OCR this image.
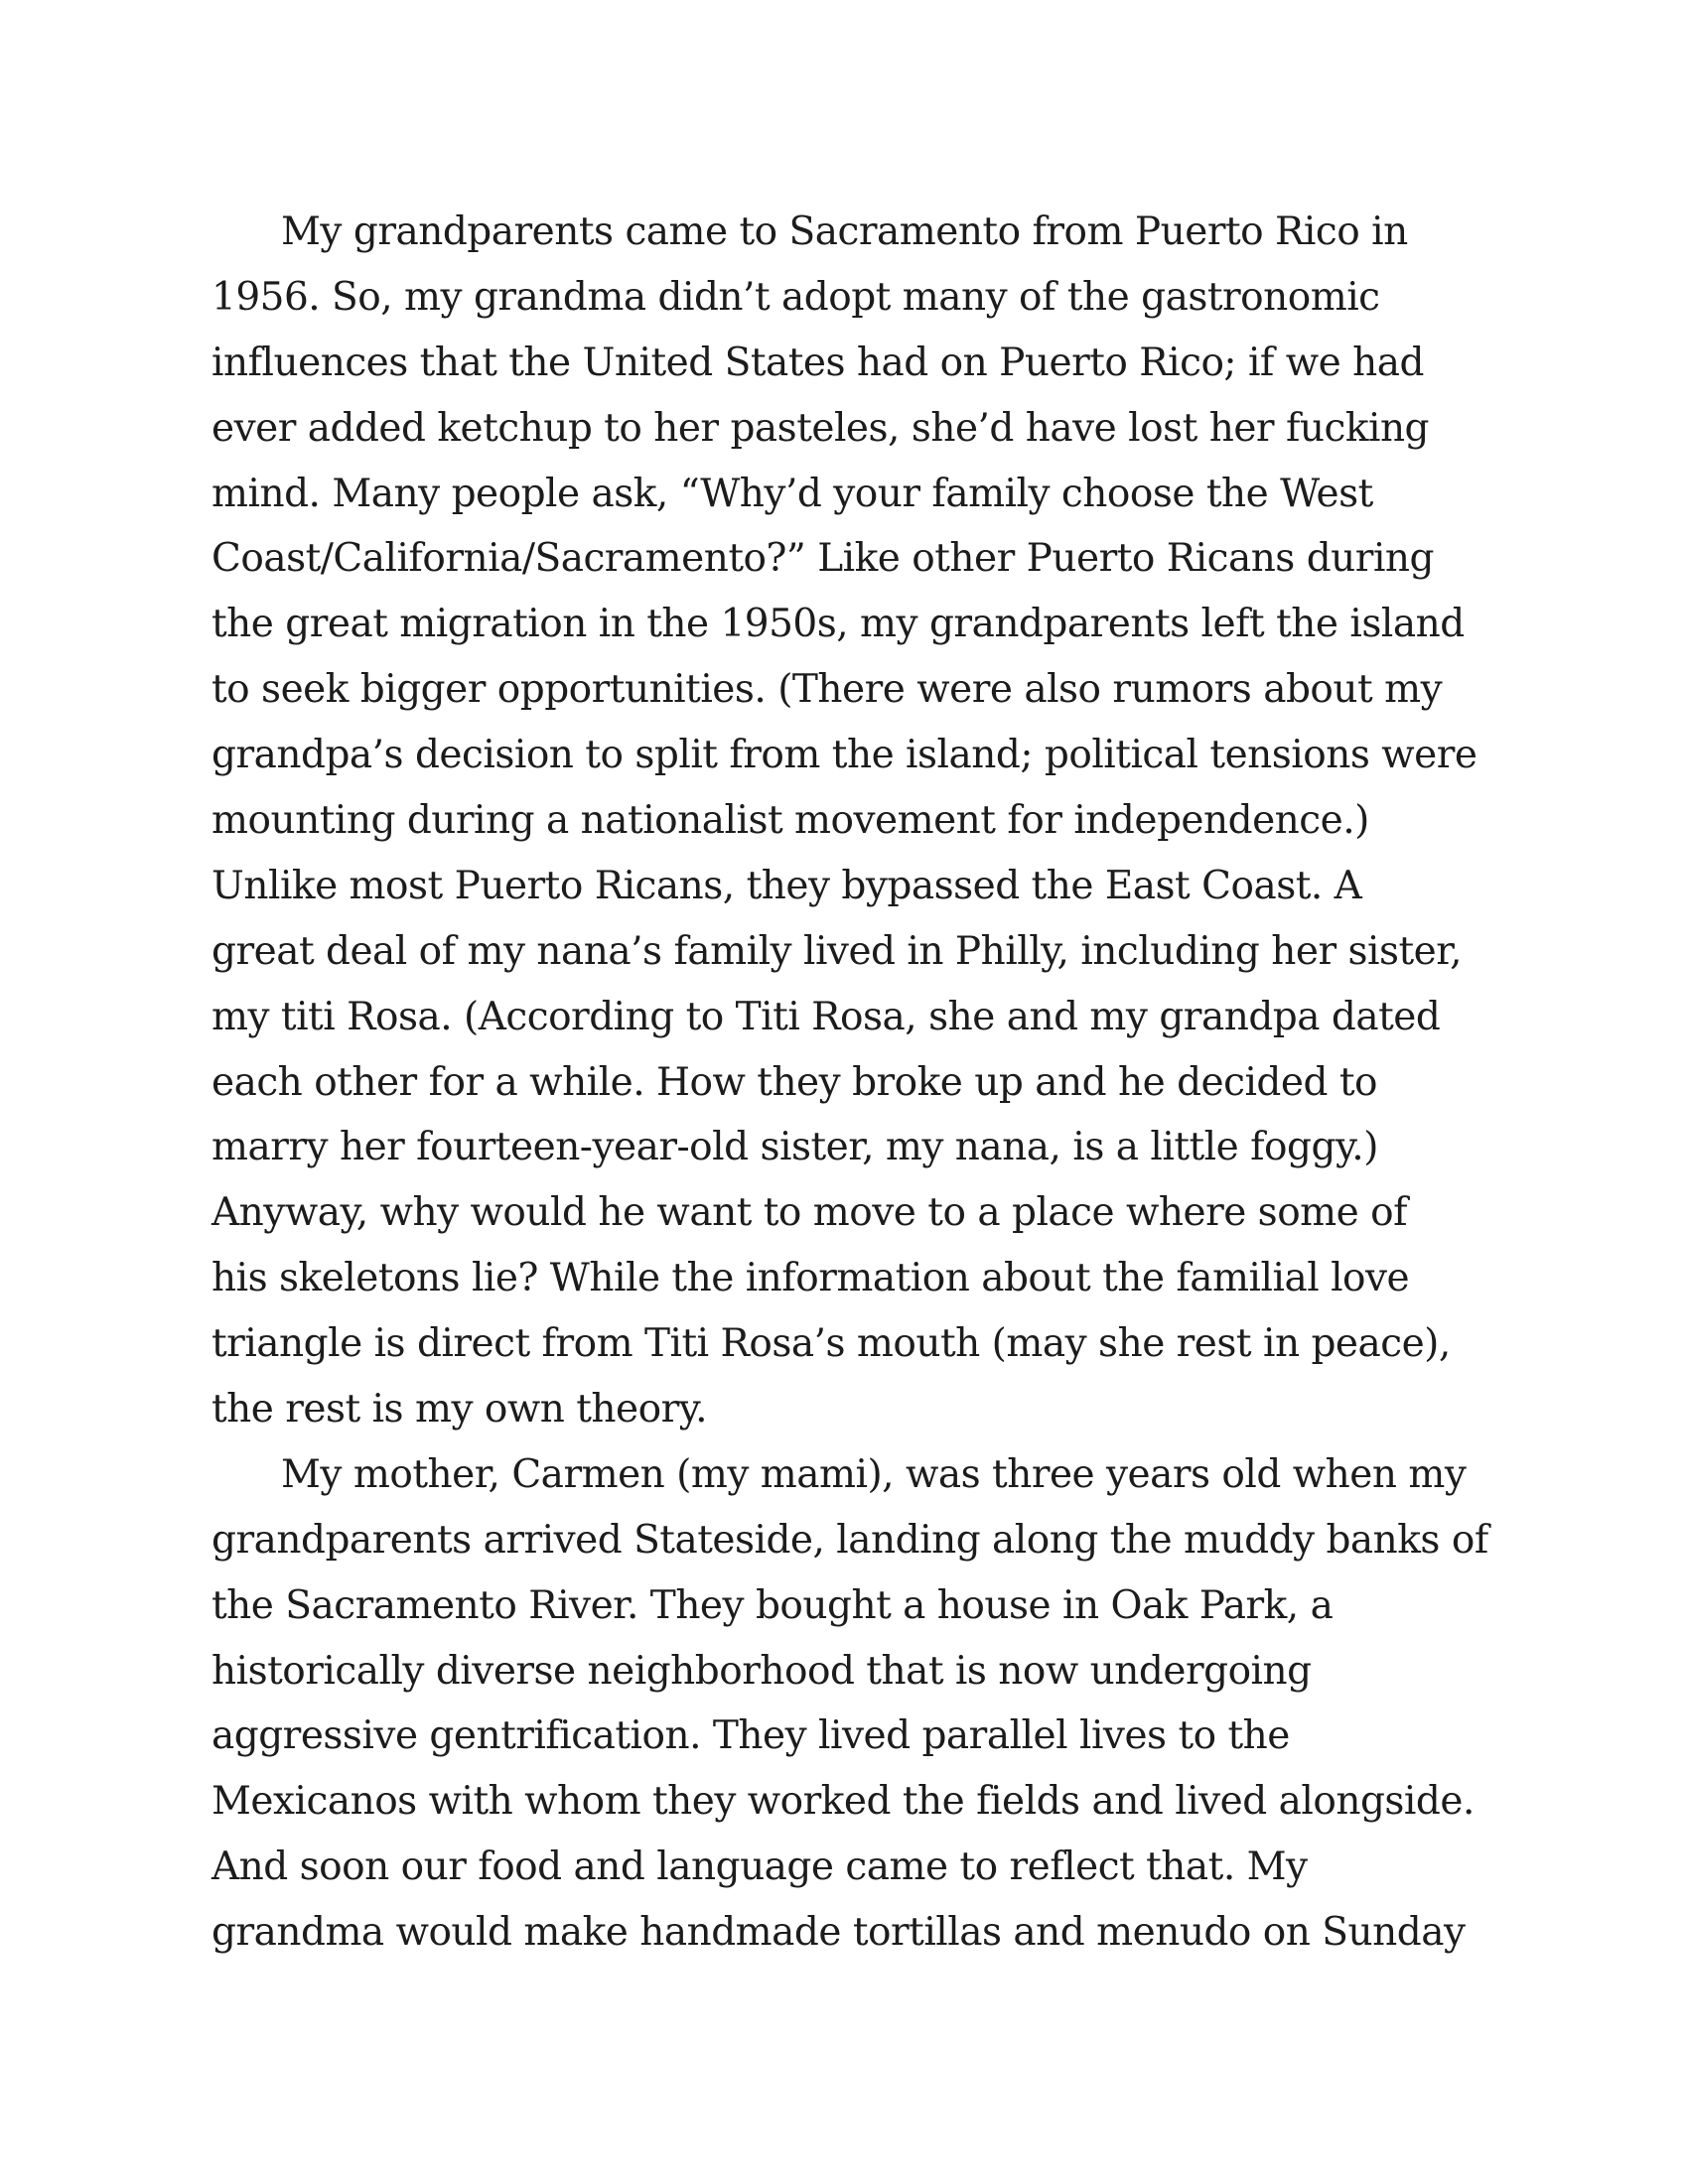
My grandparents came to Sacramento from Puerto Rico in
1956. So, my grandma didn’t adopt many of the gastronomic
influences that the United States had on Puerto Rico; if we had
ever added ketchup to her pasteles, she’d have lost her fucking
mind. Many people ask, “Why’d your family choose the West
Coast/California/Sacramento?” Like other Puerto Ricans during
the great migration in the 1950s, my grandparents left the island
to seek bigger opportunities. (There were also rumors about my
grandpa’s decision to split from the island; political tensions were
mounting during a nationalist movement for independence.)
Unlike most Puerto Ricans, they bypassed the East Coast. A
great deal of my nana’s family lived in Philly, including her sister,
my titi Rosa. (According to Titi Rosa, she and my grandpa dated
each other for a while. How they broke up and he decided to
marry her fourteen-year-old sister, my nana, is a little foggy.)
Anyway, why would he want to move to a place where some of
his skeletons lie? While the information about the familial love
triangle is direct from Titi Rosa’s mouth (may she rest in peace),
the rest is my own theory.
My mother, Carmen (my mami), was three years old when my
grandparents arrived Stateside, landing along the muddy banks of
the Sacramento River. They bought a house in Oak Park, a
historically diverse neighborhood that is now undergoing
aggressive gentrification. They lived parallel lives to the
Mexicanos with whom they worked the fields and lived alongside.
And soon our food and language came to reflect that. My
grandma would make handmade tortillas and menudo on Sunday
